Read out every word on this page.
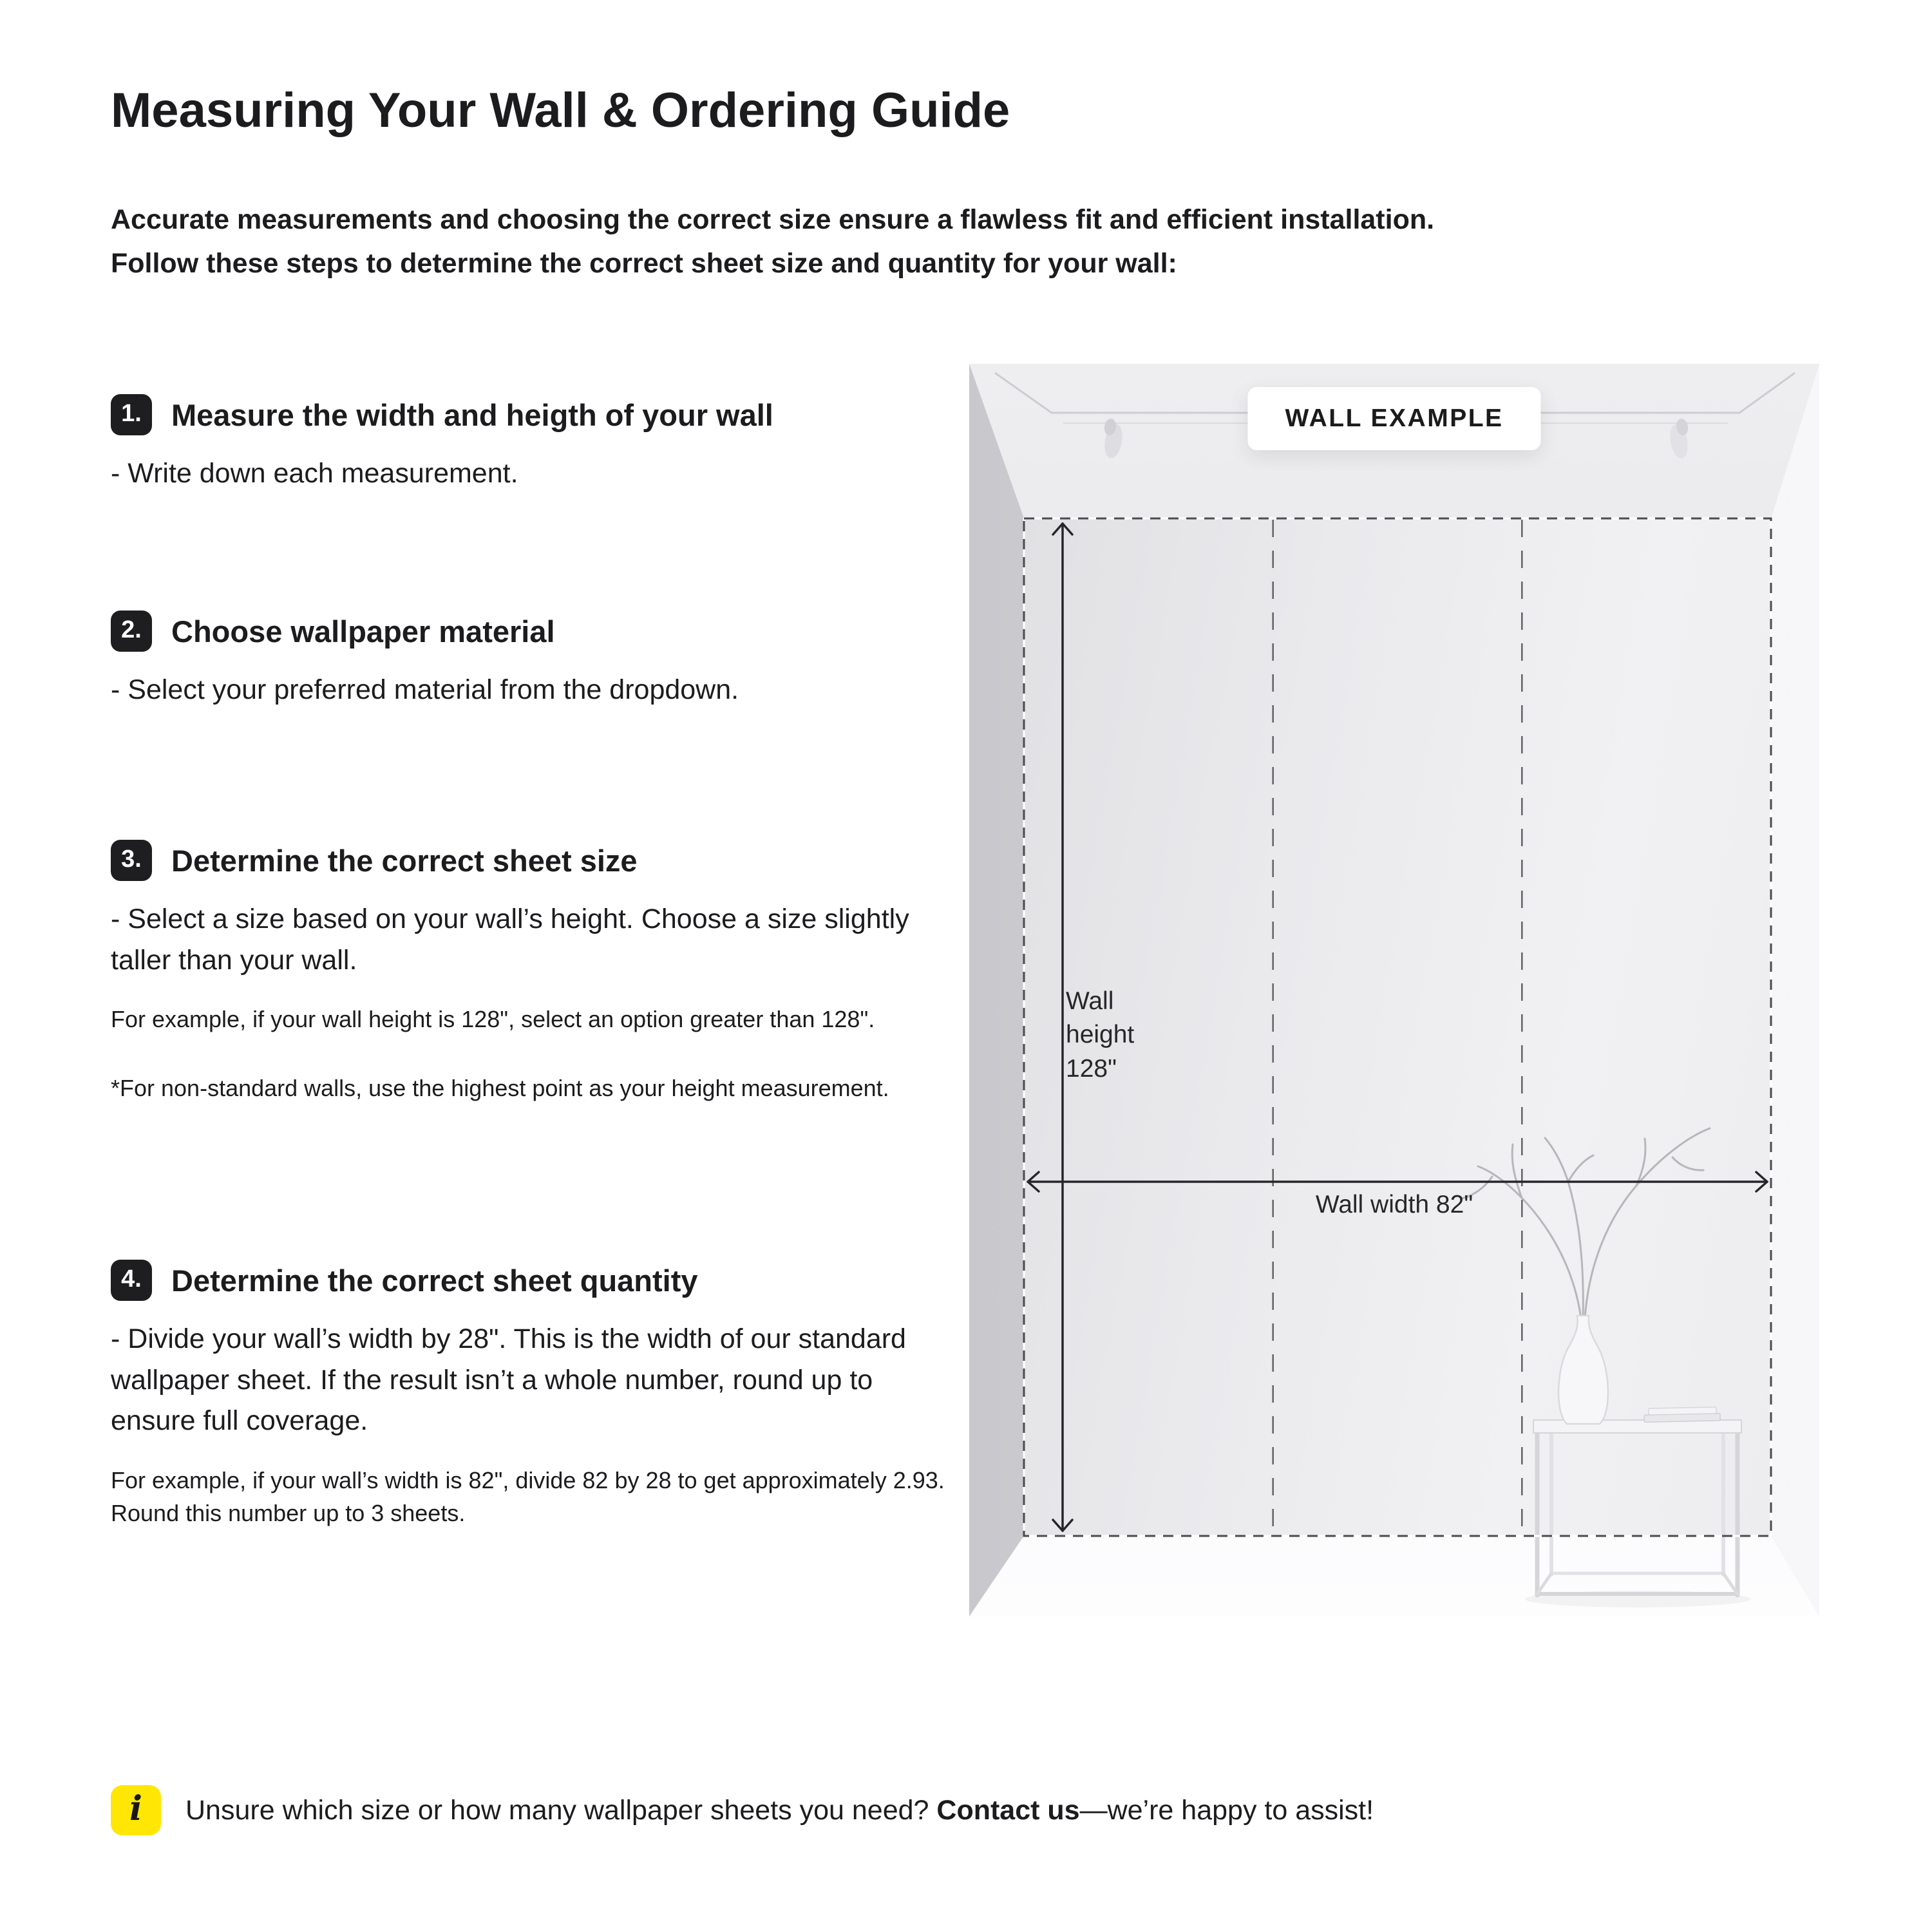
Measuring Your Wall & Ordering Guide

Accurate measurements and choosing the correct size ensure a flawless fit and efficient installation.
Follow these steps to determine the correct sheet size and quantity for your wall:

1. Measure the width and heigth of your wall

- Write down each measurement.

2. Choose wallpaper material

- Select your preferred material from the dropdown.

3. Determine the correct sheet size

- Select a size based on your wall’s height. Choose a size slightly taller than your wall.

For example, if your wall height is 128", select an option greater than 128".

*For non-standard walls, use the highest point as your height measurement.

4. Determine the correct sheet quantity

- Divide your wall’s width by 28". This is the width of our standard wallpaper sheet. If the result isn’t a whole number, round up to ensure full coverage.

For example, if your wall’s width is 82", divide 82 by 28 to get approximately 2.93. Round this number up to 3 sheets.

WALL EXAMPLE
Wall
height
128"
Wall width 82"
i Unsure which size or how many wallpaper sheets you need? Contact us—we’re happy to assist!
